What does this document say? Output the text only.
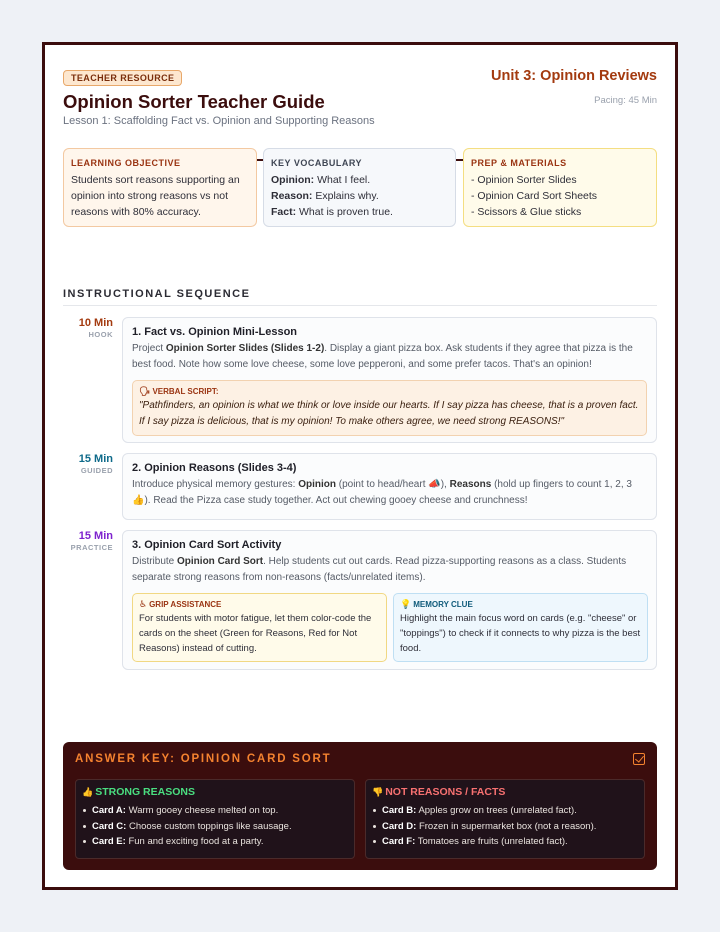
TEACHER RESOURCE	Unit 3: Opinion Reviews
Opinion Sorter Teacher Guide	Pacing: 45 Min
Lesson 1: Scaffolding Fact vs. Opinion and Supporting Reasons
LEARNING OBJECTIVE
Students sort reasons supporting an
opinion into strong reasons vs not
reasons with 80% accuracy.
KEY VOCABULARY
Opinion: What I feel.
Reason: Explains why.
Fact: What is proven true.
PREP & MATERIALS
- Opinion Sorter Slides
- Opinion Card Sort Sheets
- Scissors & Glue sticks
INSTRUCTIONAL SEQUENCE
10 Min
HOOK 1. Fact vs. Opinion Mini-Lesson
Project Opinion Sorter Slides (Slides 1-2). Display a giant pizza box. Ask students if they agree that pizza is the best food. Note how some love cheese, some love pepperoni, and some prefer tacos. That's an opinion!
🗣 VERBAL SCRIPT:
"Pathfinders, an opinion is what we think or love inside our hearts. If I say pizza has cheese, that is a proven fact. If I say pizza is delicious, that is my opinion! To make others agree, we need strong REASONS!"
15 Min
GUIDED 2. Opinion Reasons (Slides 3-4)
Introduce physical memory gestures: Opinion (point to head/heart 📣), Reasons (hold up fingers to count 1, 2, 3 👍). Read the Pizza case study together. Act out chewing gooey cheese and crunchness!
15 Min
PRACTICE 3. Opinion Card Sort Activity
Distribute Opinion Card Sort. Help students cut out cards. Read pizza-supporting reasons as a class. Students separate strong reasons from non-reasons (facts/unrelated items).
♿ GRIP ASSISTANCE
For students with motor fatigue, let them color-code the cards on the sheet (Green for Reasons, Red for Not Reasons) instead of cutting.
💡 MEMORY CLUE
Highlight the main focus word on cards (e.g. "cheese" or "toppings") to check if it connects to why pizza is the best food.
ANSWER KEY: OPINION CARD SORT
👍 STRONG REASONS
Card A: Warm gooey cheese melted on top.
Card C: Choose custom toppings like sausage.
Card E: Fun and exciting food at a party.
👎 NOT REASONS / FACTS
Card B: Apples grow on trees (unrelated fact).
Card D: Frozen in supermarket box (not a reason).
Card F: Tomatoes are fruits (unrelated fact).
